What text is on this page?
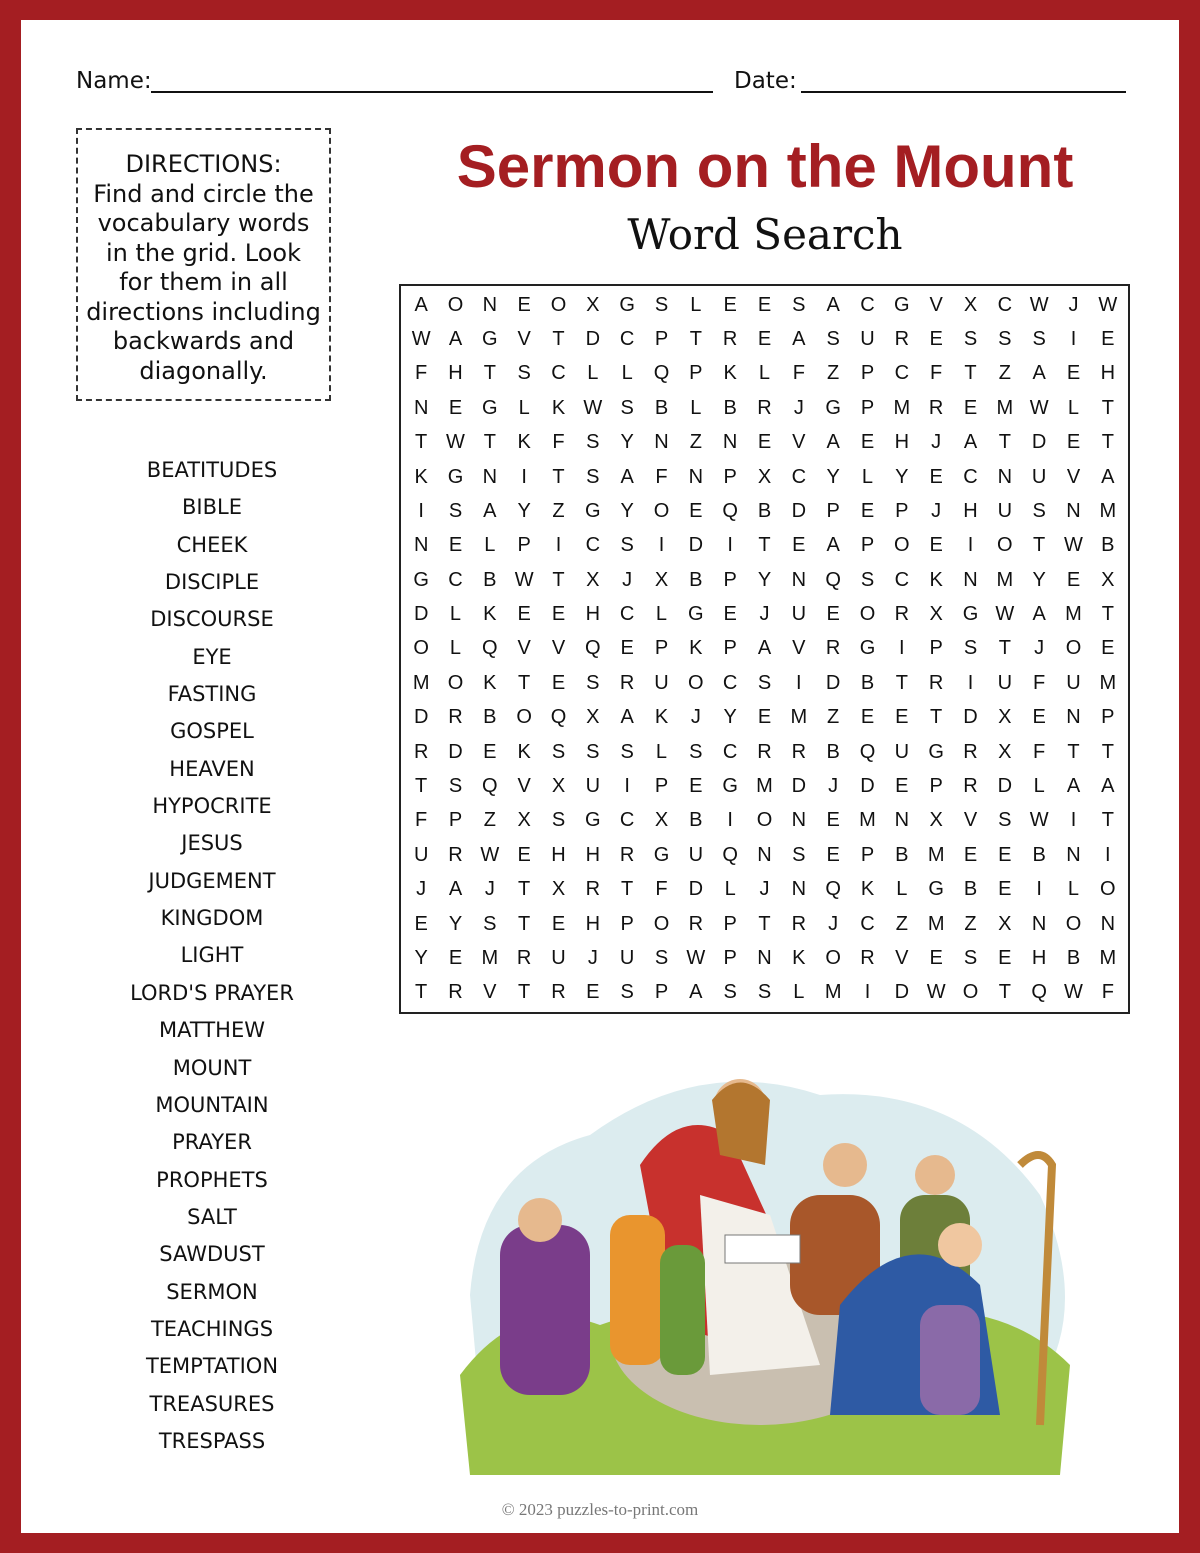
Name:	Date:
DIRECTIONS:
Find and circle the
vocabulary words
in the grid. Look
for them in all
directions including
backwards and
diagonally.
Sermon on the Mount
Word Search
A O N	E O X G S	L	E	E	S	A	C G V	X	C W J W
W A G V	T	D C	P	T	R	E	A	S	U R	E	S	S	S	I	E
F	H	T	S	C	L	L	Q P	K	L	F	Z	P	C	F	T	Z	A	E	H
N	E G	L	K W S	B	L	B	R	J	G P M R	E M W L	T
T W T	K	F	S	Y	N	Z	N	E	V	A	E	H	J	A	T	D	E	T
K G N	I	T	S	A	F	N	P	X	C	Y	L	Y	E	C N U	V	A
I	S	A	Y	Z	G Y O E Q B	D	P	E	P	J	H U	S	N M
N	E	L	P	I	C	S	I	D	I	T	E	A	P O E	I	O	T W B
G C	B W T	X	J	X	B	P	Y	N Q S	C	K	N M Y	E	X
D	L	K	E	E	H C	L	G E	J	U	E O R	X G W A M T
O	L	Q V	V Q E	P	K	P	A	V	R G	I	P	S	T	J	O E
M O K	T	E	S	R U O C	S	I	D	B	T	R	I	U	F	U M
D R	B O Q X	A	K	J	Y	E M Z	E	E	T	D	X	E	N	P
R D	E	K	S	S	S	L	S	C R R	B Q U G R	X	F	T	T
T	S Q V	X	U	I	P	E G M D	J	D	E	P	R D	L	A	A
F	P	Z	X	S G C	X	B	I	O N	E M N	X	V	S W	I	T
U R W E	H H R G U Q N	S	E	P	B M E	E	B	N	I
J	A	J	T	X	R	T	F	D	L	J	N Q K	L	G B	E	I	L	O
E	Y	S	T	E	H	P O R	P	T	R	J	C	Z M Z	X	N O N
Y	E M R U	J	U	S W P	N	K O R	V	E	S	E	H	B M
T	R	V	T	R	E	S	P	A	S	S	L	M	I	D W O	T	Q W F
BEATITUDES
BIBLE
CHEEK
DISCIPLE
DISCOURSE
EYE
FASTING
GOSPEL
HEAVEN
HYPOCRITE
JESUS
JUDGEMENT
KINGDOM
LIGHT
LORD'S PRAYER
MATTHEW
MOUNT
MOUNTAIN
PRAYER
PROPHETS
SALT
SAWDUST
SERMON
TEACHINGS
TEMPTATION
TREASURES
TRESPASS
© 2023 puzzles-to-print.com
